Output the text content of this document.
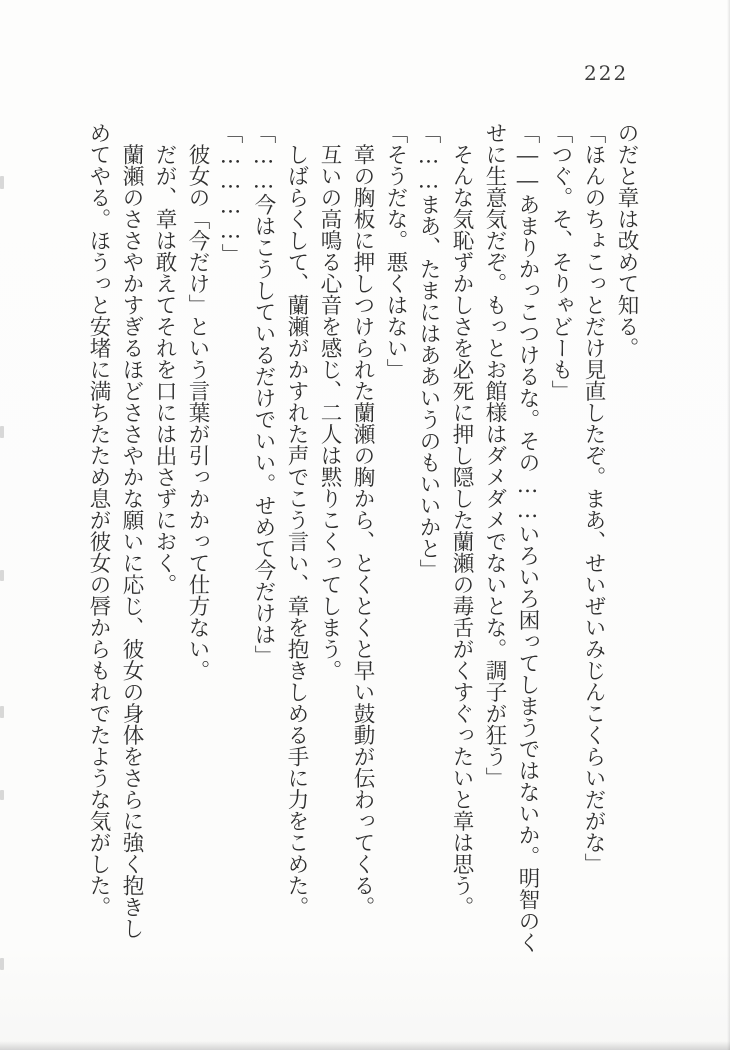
222

のだと章は改めて知る。

「ほんのちょこっとだけ見直したぞ。まあ、せいぜいみじんこくらいだがな」

「つぐ。そ、そりゃどーも」

「――あまりかっこつけるな。その……いろいろ困ってしまうではないか。明智のく

せに生意気だぞ。もっとお館様はダメダメでないとな。調子が狂う」

　そんな気恥ずかしさを必死に押し隠した蘭瀬の毒舌がくすぐったいと章は思う。

「……まあ、たまにはああいうのもいいかと」

「そうだな。悪くはない」

　章の胸板に押しつけられた蘭瀬の胸から、とくとくと早い鼓動が伝わってくる。

　互いの高鳴る心音を感じ、二人は黙りこくってしまう。

　しばらくして、蘭瀬がかすれた声でこう言い、章を抱きしめる手に力をこめた。

「……今はこうしているだけでいい。せめて今だけは」

「…………」

　彼女の「今だけ」という言葉が引っかかって仕方ない。

　だが、章は敢えてそれを口には出さずにおく。

　蘭瀬のささやかすぎるほどささやかな願いに応じ、彼女の身体をさらに強く抱きし

めてやる。ほうっと安堵に満ちたため息が彼女の唇からもれでたような気がした。
